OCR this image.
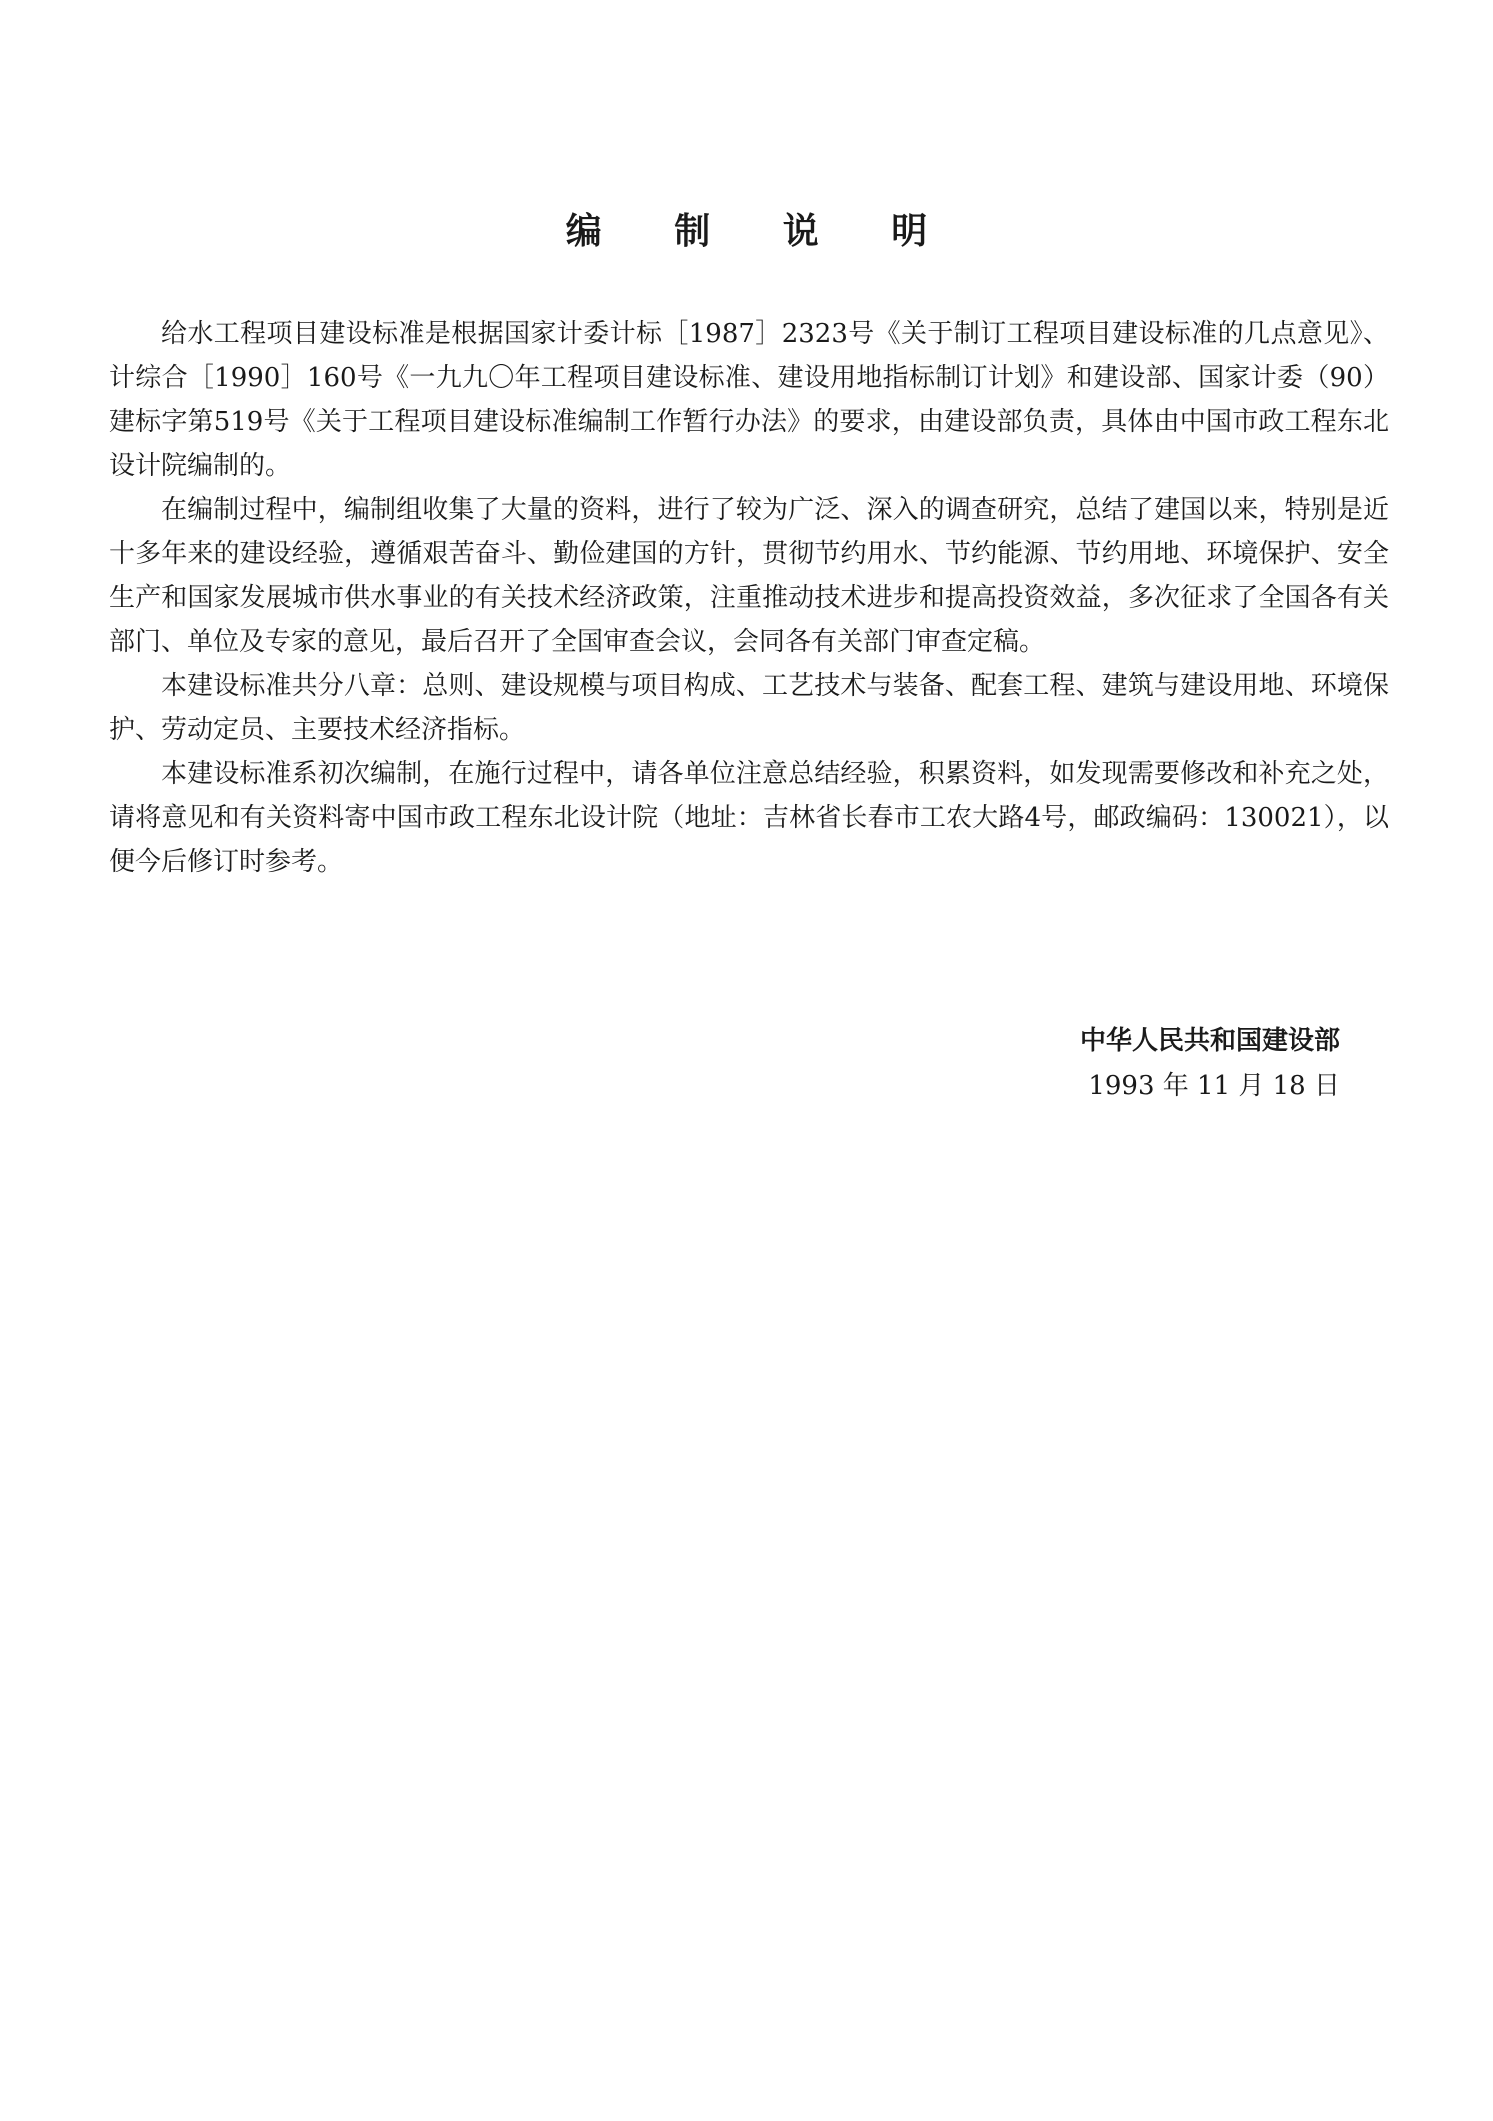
编 制 说 明

给水工程项目建设标准是根据国家计委计标［1987］2323号《关于制订工程项目建设标准的几点意见》、计综合［1990］160号《一九九〇年工程项目建设标准、建设用地指标制订计划》和建设部、国家计委（90）建标字第519号《关于工程项目建设标准编制工作暂行办法》的要求，由建设部负责，具体由中国市政工程东北设计院编制的。

在编制过程中，编制组收集了大量的资料，进行了较为广泛、深入的调查研究，总结了建国以来，特别是近十多年来的建设经验，遵循艰苦奋斗、勤俭建国的方针，贯彻节约用水、节约能源、节约用地、环境保护、安全生产和国家发展城市供水事业的有关技术经济政策，注重推动技术进步和提高投资效益，多次征求了全国各有关部门、单位及专家的意见，最后召开了全国审查会议，会同各有关部门审查定稿。

本建设标准共分八章：总则、建设规模与项目构成、工艺技术与装备、配套工程、建筑与建设用地、环境保护、劳动定员、主要技术经济指标。

本建设标准系初次编制，在施行过程中，请各单位注意总结经验，积累资料，如发现需要修改和补充之处，请将意见和有关资料寄中国市政工程东北设计院（地址：吉林省长春市工农大路4号，邮政编码：130021），以便今后修订时参考。

中华人民共和国建设部
1993 年 11 月 18 日
